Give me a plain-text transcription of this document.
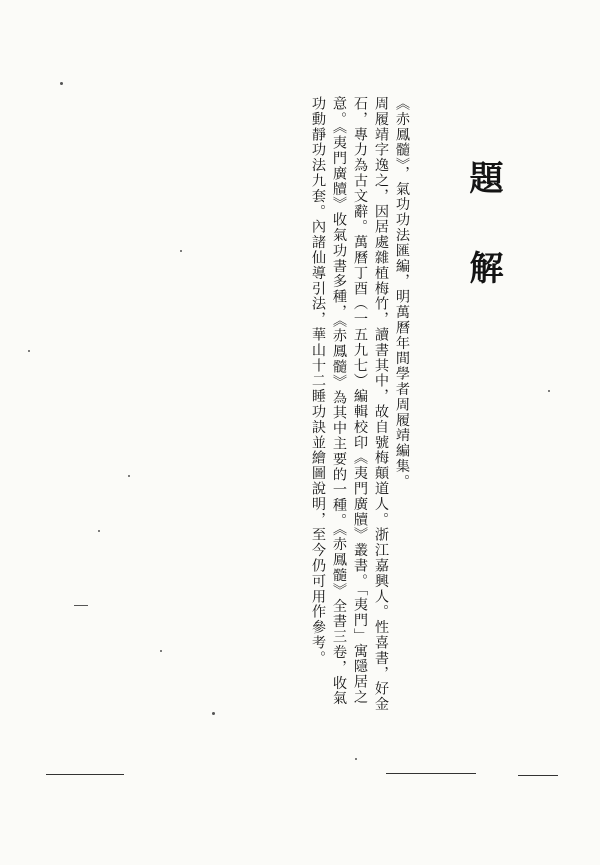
題解

《赤鳳髓》，氣功功法匯編，明萬曆年間學者周履靖編集。

周履靖字逸之，因居處雜植梅竹，讀書其中，故自號梅顛道人。浙江嘉興人。性喜書，好金石，專力為古文辭。萬曆丁酉（一五九七）編輯校印《夷門廣牘》叢書。「夷門」寓隱居之意。《夷門廣牘》收氣功書多種，《赤鳳髓》為其中主要的一種。《赤鳳髓》全書三卷，收氣功動靜功法九套。內諸仙導引法，華山十二睡功訣並繪圖說明，至今仍可用作參考。
